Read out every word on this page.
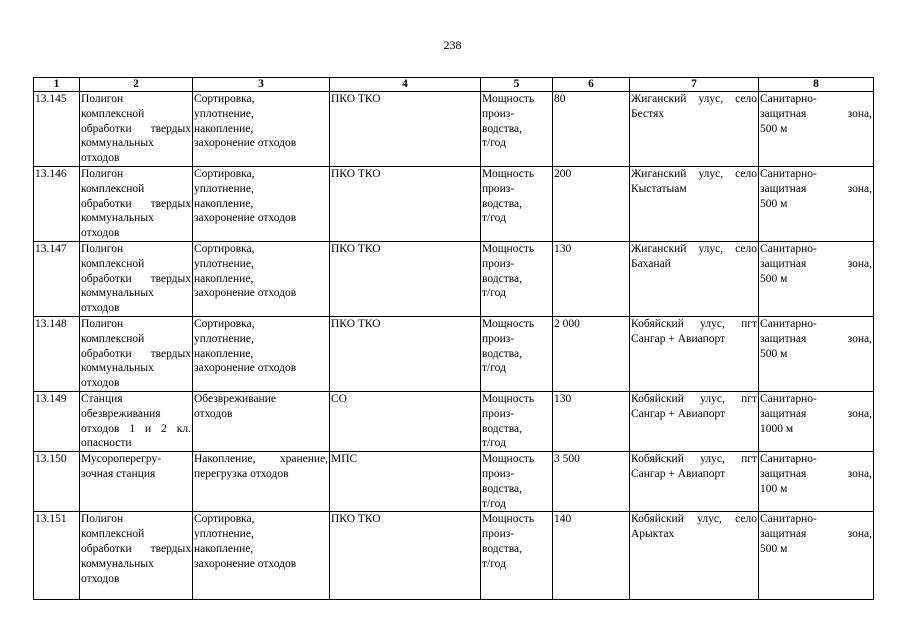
238
1	2	3	4	5	6	7	8
13.145	Полигон
комплексной
обработки твердых
коммунальных
отходов	Сортировка,
уплотнение,
накопление,
захоронение отходов	ПКО ТКО	Мощность
произ-
водства,
т/год	80	Жиганский улус, село
Бестях	Санитарно-
защитная зона,
500 м

13.146	Полигон
комплексной
обработки твердых
коммунальных
отходов	Сортировка,
уплотнение,
накопление,
захоронение отходов	ПКО ТКО	Мощность
произ-
водства,
т/год	200	Жиганский улус, село
Кыстатыам	Санитарно-
защитная зона,
500 м

13.147	Полигон
комплексной
обработки твердых
коммунальных
отходов	Сортировка,
уплотнение,
накопление,
захоронение отходов	ПКО ТКО	Мощность
произ-
водства,
т/год	130	Жиганский улус, село
Баханай	Санитарно-
защитная зона,
500 м

13.148	Полигон
комплексной
обработки твердых
коммунальных
отходов	Сортировка,
уплотнение,
накопление,
захоронение отходов	ПКО ТКО	Мощность
произ-
водства,
т/год	2 000	Кобяйский улус, пгт
Сангар + Авиапорт	Санитарно-
защитная зона,
500 м

13.149	Станция
обезвреживания
отходов 1 и 2 кл.
опасности	Обезвреживание
отходов	СО	Мощность
произ-
водства,
т/год	130	Кобяйский улус, пгт
Сангар + Авиапорт	Санитарно-
защитная зона,
1000 м

13.150	Мусороперегру-
зочная станция	Накопление, хранение,
перегрузка отходов	МПС	Мощность
произ-
водства,
т/год	3 500	Кобяйский улус, пгт
Сангар + Авиапорт	Санитарно-
защитная зона,
100 м

13.151	Полигон
комплексной
обработки твердых
коммунальных
отходов	Сортировка,
уплотнение,
накопление,
захоронение отходов	ПКО ТКО	Мощность
произ-
водства,
т/год	140	Кобяйский улус, село
Арыктах	Санитарно-
защитная зона,
500 м
